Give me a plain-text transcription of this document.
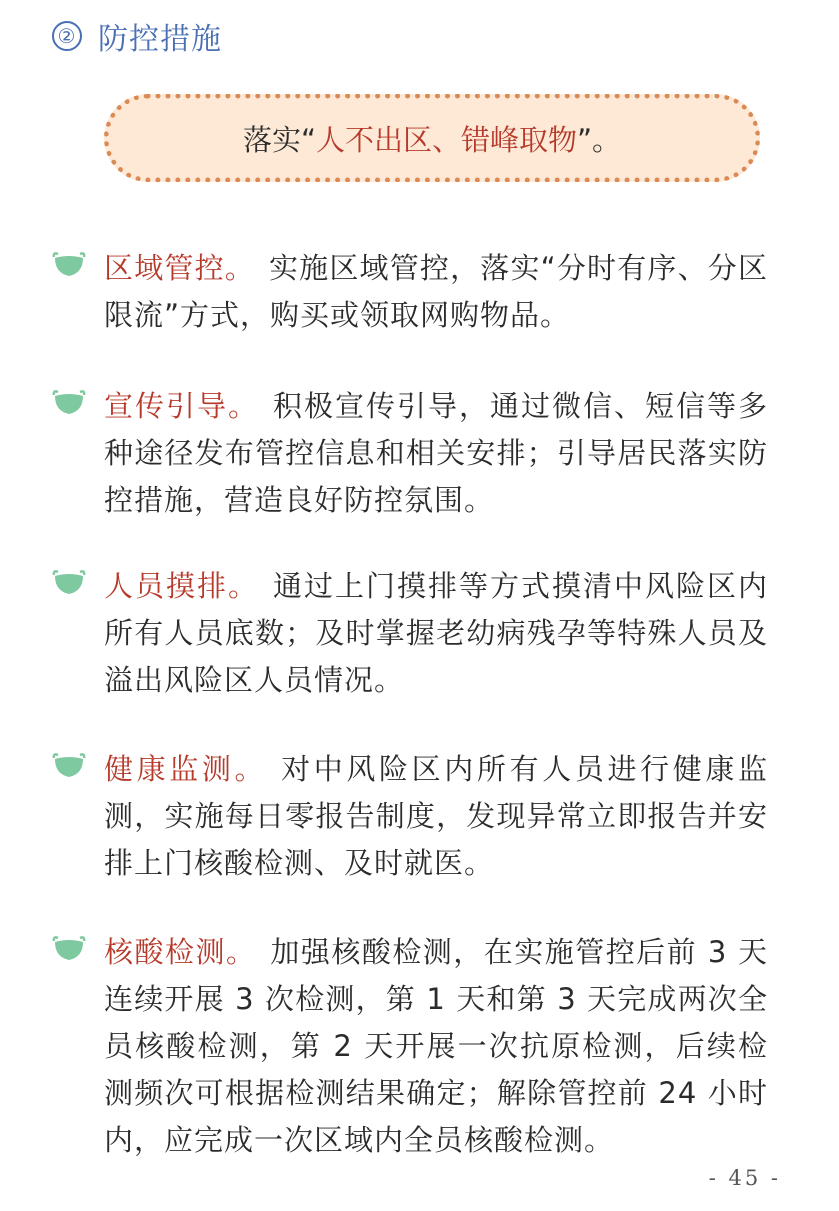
② 防控措施
落实“ 人不出区、错峰取物 ”。
区域管控。 实施区域管控，落实“分时有序、分区限流”方式，购买或领取网购物品。
宣传引导。 积极宣传引导，通过微信、短信等多种途径发布管控信息和相关安排；引导居民落实防控措施，营造良好防控氛围。
人员摸排。 通过上门摸排等方式摸清中风险区内所有人员底数；及时掌握老幼病残孕等特殊人员及溢出风险区人员情况。
健康监测。 对中风险区内所有人员进行健康监测，实施每日零报告制度，发现异常立即报告并安排上门核酸检测、及时就医。
核酸检测。 加强核酸检测，在实施管控后前 3 天连续开展 3 次检测，第 1 天和第 3 天完成两次全员核酸检测，第 2 天开展一次抗原检测，后续检测频次可根据检测结果确定；解除管控前 24 小时内，应完成一次区域内全员核酸检测。
- 45 -
